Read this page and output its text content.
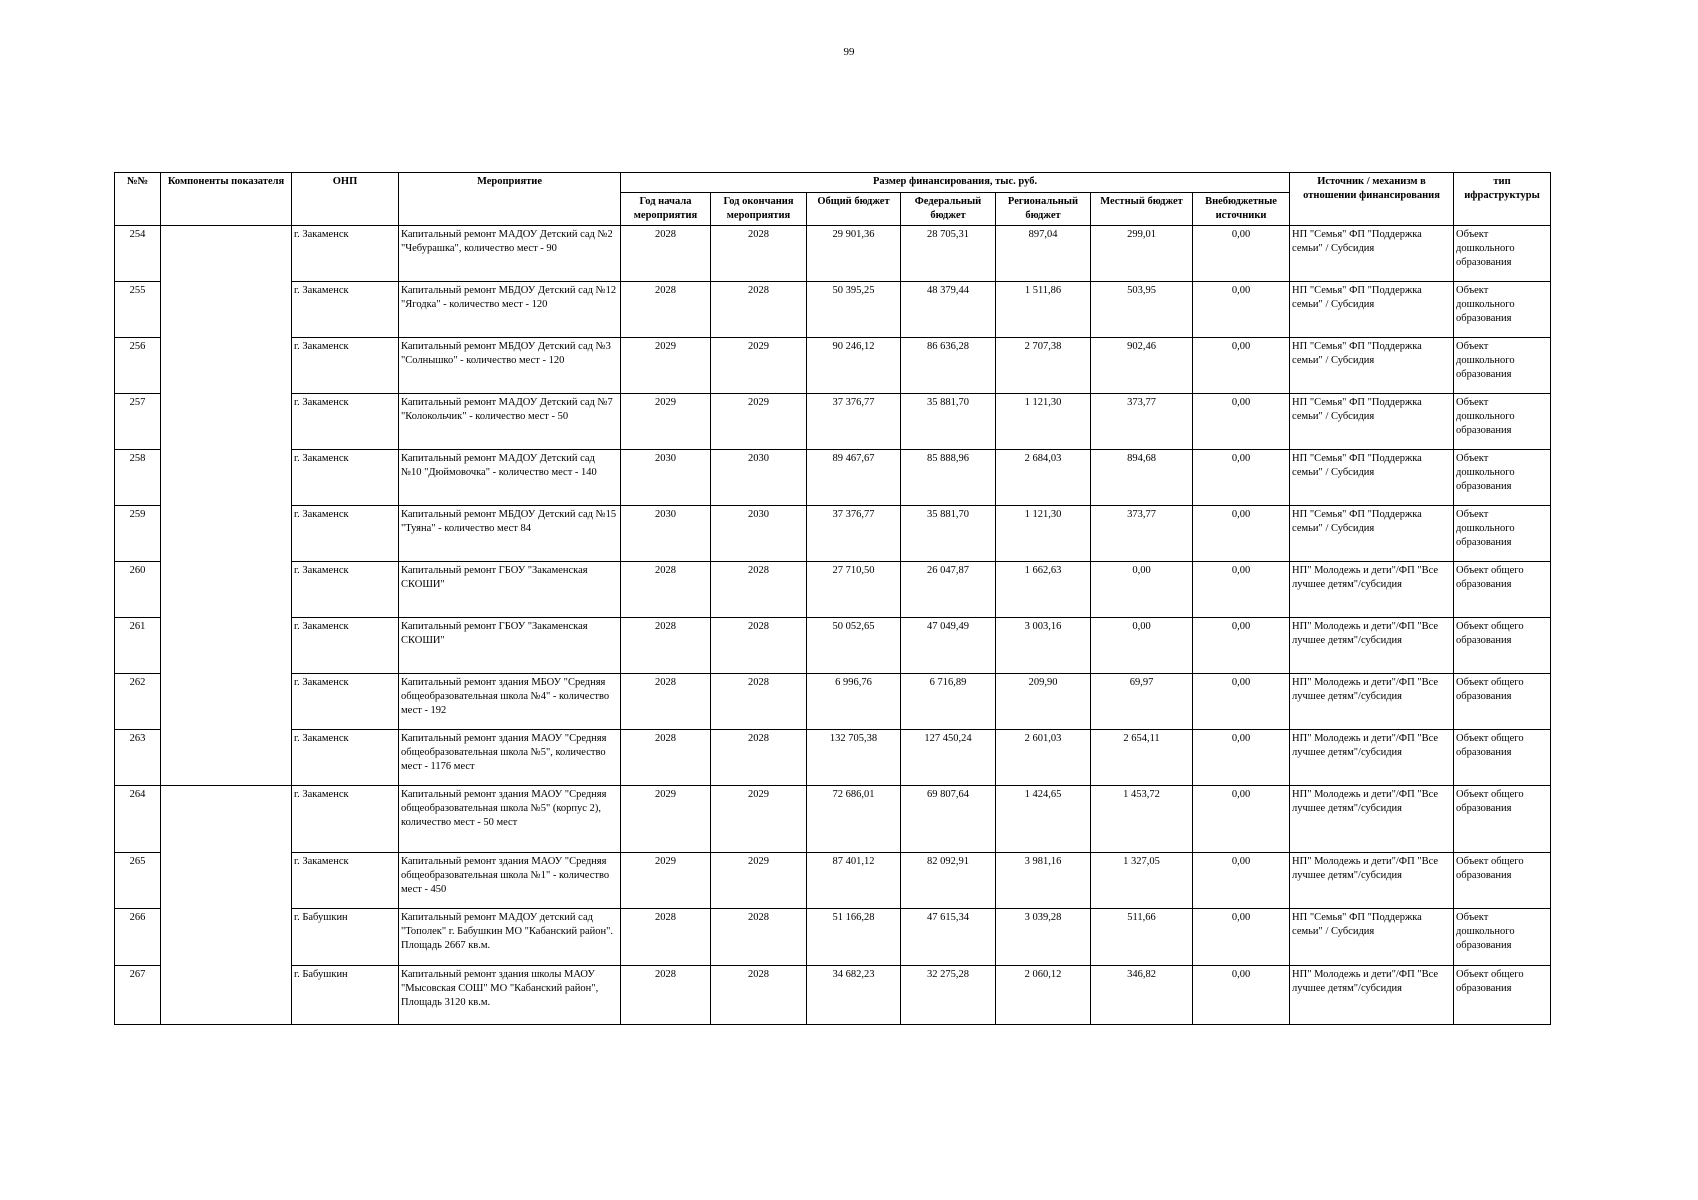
99
№№	Компоненты показателя	ОНП	Мероприятие	Размер финансирования, тыс. руб.							Источник / механизм в отношении финансирования	тип ифраструктуры
				Год начала мероприятия	Год окончания мероприятия	Общий бюджет	Федеральный бюджет	Региональный бюджет	Местный бюджет	Внебюджетные источники		
254		г. Закаменск	Капитальный ремонт МАДОУ Детский сад №2 "Чебурашка", количество мест - 90	2028	2028	29 901,36	28 705,31	897,04	299,01	0,00	НП "Семья" ФП "Поддержка семьи" / Субсидия	Объект дошкольного образования
255		г. Закаменск	Капитальный ремонт МБДОУ Детский сад №12 "Ягодка" - количество мест - 120	2028	2028	50 395,25	48 379,44	1 511,86	503,95	0,00	НП "Семья" ФП "Поддержка семьи" / Субсидия	Объект дошкольного образования
256		г. Закаменск	Капитальный ремонт МБДОУ Детский сад №3 "Солнышко" - количество мест - 120	2029	2029	90 246,12	86 636,28	2 707,38	902,46	0,00	НП "Семья" ФП "Поддержка семьи" / Субсидия	Объект дошкольного образования
257		г. Закаменск	Капитальный ремонт МАДОУ Детский сад №7 "Колокольчик" - количество мест - 50	2029	2029	37 376,77	35 881,70	1 121,30	373,77	0,00	НП "Семья" ФП "Поддержка семьи" / Субсидия	Объект дошкольного образования
258		г. Закаменск	Капитальный ремонт МАДОУ Детский сад №10 "Дюймовочка" - количество мест - 140	2030	2030	89 467,67	85 888,96	2 684,03	894,68	0,00	НП "Семья" ФП "Поддержка семьи" / Субсидия	Объект дошкольного образования
259		г. Закаменск	Капитальный ремонт МБДОУ Детский сад №15 "Туяна" - количество мест 84	2030	2030	37 376,77	35 881,70	1 121,30	373,77	0,00	НП "Семья" ФП "Поддержка семьи" / Субсидия	Объект дошкольного образования
260		г. Закаменск	Капитальный ремонт ГБОУ "Закаменская СКОШИ"	2028	2028	27 710,50	26 047,87	1 662,63	0,00	0,00	НП" Молодежь и дети"/ФП "Все лучшее детям"/субсидия	Объект общего образования
261		г. Закаменск	Капитальный ремонт ГБОУ "Закаменская СКОШИ"	2028	2028	50 052,65	47 049,49	3 003,16	0,00	0,00	НП" Молодежь и дети"/ФП "Все лучшее детям"/субсидия	Объект общего образования
262		г. Закаменск	Капитальный ремонт здания МБОУ "Средняя общеобразовательная школа №4" - количество мест - 192	2028	2028	6 996,76	6 716,89	209,90	69,97	0,00	НП" Молодежь и дети"/ФП "Все лучшее детям"/субсидия	Объект общего образования
263		г. Закаменск	Капитальный ремонт здания МАОУ "Средняя общеобразовательная школа №5", количество мест - 1176 мест	2028	2028	132 705,38	127 450,24	2 601,03	2 654,11	0,00	НП" Молодежь и дети"/ФП "Все лучшее детям"/субсидия	Объект общего образования
264		г. Закаменск	Капитальный ремонт здания МАОУ "Средняя общеобразовательная школа №5" (корпус 2), количество мест - 50 мест	2029	2029	72 686,01	69 807,64	1 424,65	1 453,72	0,00	НП" Молодежь и дети"/ФП "Все лучшее детям"/субсидия	Объект общего образования
265		г. Закаменск	Капитальный ремонт здания МАОУ "Средняя общеобразовательная школа №1" - количество мест - 450	2029	2029	87 401,12	82 092,91	3 981,16	1 327,05	0,00	НП" Молодежь и дети"/ФП "Все лучшее детям"/субсидия	Объект общего образования
266		г. Бабушкин	Капитальный ремонт МАДОУ детский сад "Тополек" г. Бабушкин МО "Кабанский район". Площадь 2667 кв.м.	2028	2028	51 166,28	47 615,34	3 039,28	511,66	0,00	НП "Семья" ФП "Поддержка семьи" / Субсидия	Объект дошкольного образования
267		г. Бабушкин	Капитальный ремонт здания школы МАОУ "Мысовская СОШ" МО "Кабанский район", Площадь 3120 кв.м.	2028	2028	34 682,23	32 275,28	2 060,12	346,82	0,00	НП" Молодежь и дети"/ФП "Все лучшее детям"/субсидия	Объект общего образования
